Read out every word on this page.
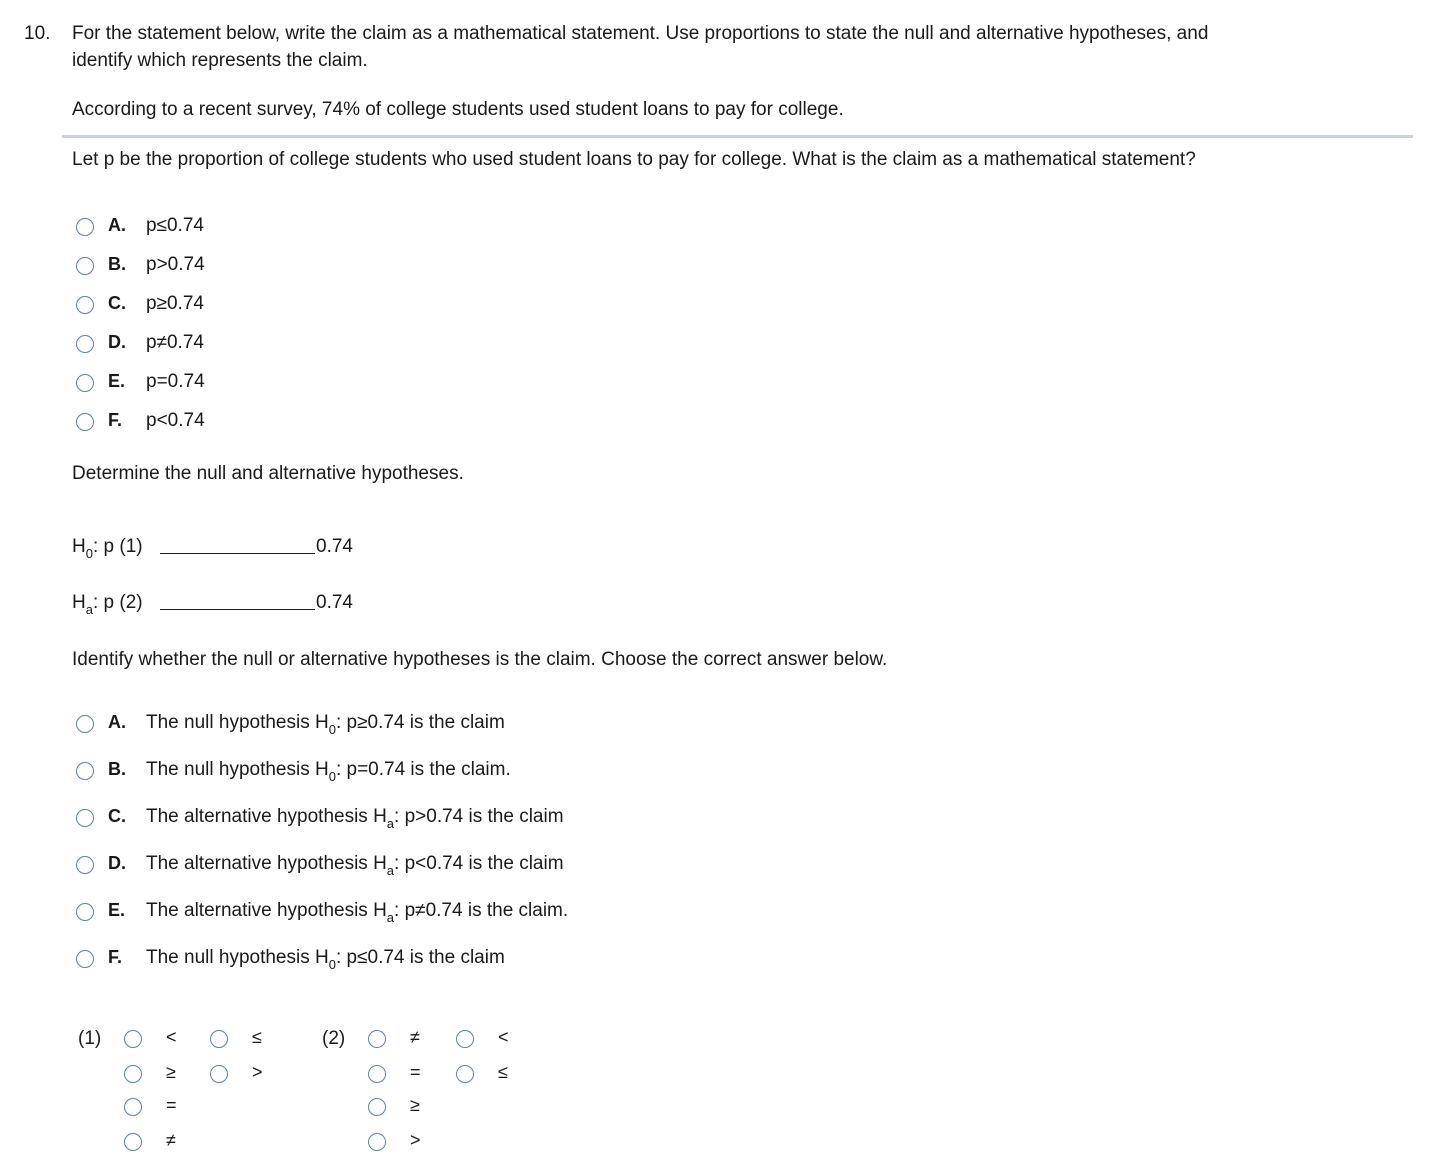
10. For the statement below, write the claim as a mathematical statement. Use proportions to state the null and alternative hypotheses, and
identify which represents the claim.
According to a recent survey, 74% of college students used student loans to pay for college.
Let p be the proportion of college students who used student loans to pay for college. What is the claim as a mathematical statement?
A. p≤0.74
B. p>0.74
C. p≥0.74
D. p≠0.74
E. p=0.74
F. p<0.74
Determine the null and alternative hypotheses.
$H_0$: p (1)	0.74
$H_a$: p (2)	0.74
Identify whether the null or alternative hypotheses is the claim. Choose the correct answer below.
A. The null hypothesis $H_0$: p≥0.74 is the claim
B. The null hypothesis $H_0$: p=0.74 is the claim.
C. The alternative hypothesis $H_a$: p>0.74 is the claim
D. The alternative hypothesis $H_a$: p<0.74 is the claim
E. The alternative hypothesis $H_a$: p≠0.74 is the claim.
F. The null hypothesis $H_0$: p≤0.74 is the claim
(1)	<	≤
≥	>
=
≠
(2)	≠	<
=	≤
≥
>
